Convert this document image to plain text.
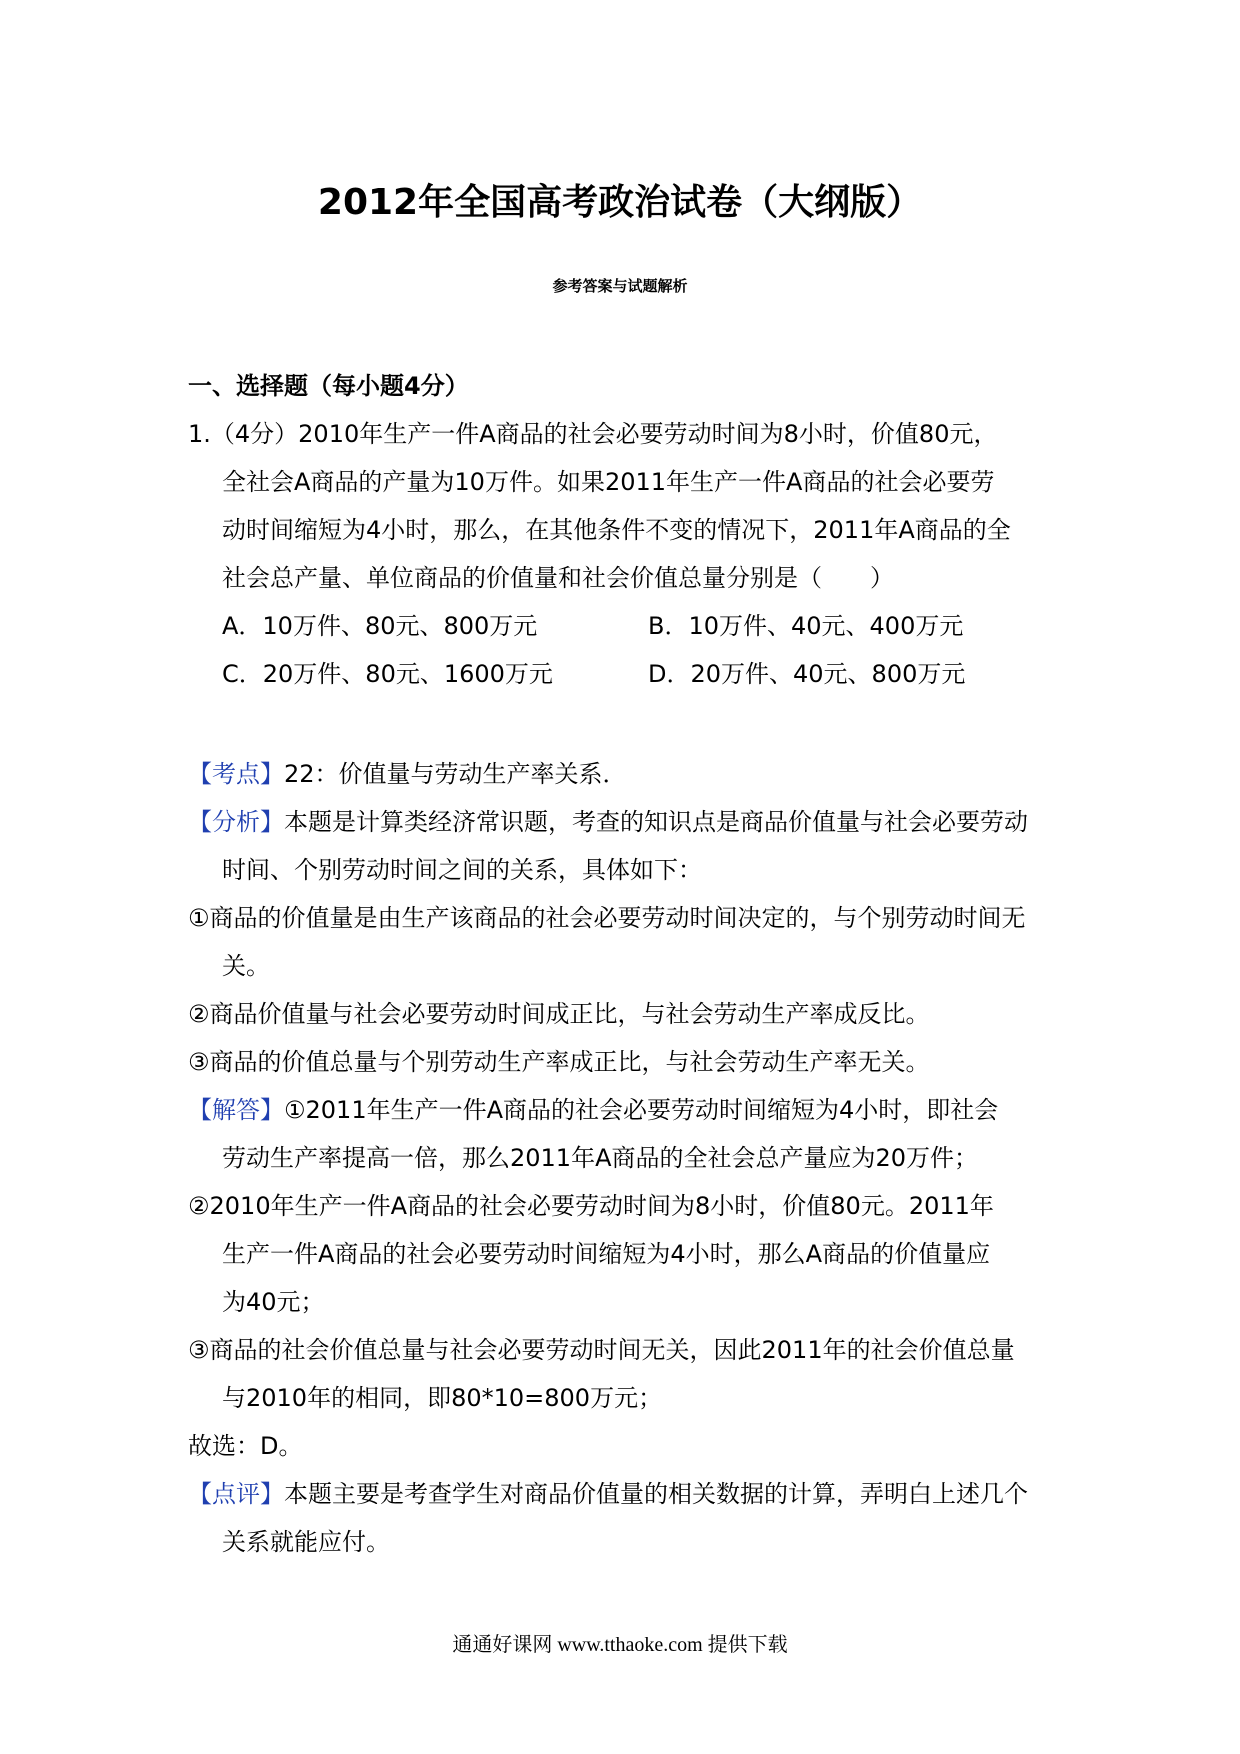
2012年全国高考政治试卷（大纲版）
参考答案与试题解析
一、选择题（每小题4分）
1.（4分）2010年生产一件A商品的社会必要劳动时间为8小时，价值80元，
全社会A商品的产量为10万件。如果2011年生产一件A商品的社会必要劳
动时间缩短为4小时，那么，在其他条件不变的情况下，2011年A商品的全
社会总产量、单位商品的价值量和社会价值总量分别是（　　）
A．10万件、80元、800万元	B．10万件、40元、400万元
C．20万件、80元、1600万元	D．20万件、40元、800万元
【考点】22：价值量与劳动生产率关系．
【分析】本题是计算类经济常识题，考查的知识点是商品价值量与社会必要劳动
时间、个别劳动时间之间的关系，具体如下：
①商品的价值量是由生产该商品的社会必要劳动时间决定的，与个别劳动时间无
关。
②商品价值量与社会必要劳动时间成正比，与社会劳动生产率成反比。
③商品的价值总量与个别劳动生产率成正比，与社会劳动生产率无关。
【解答】①2011年生产一件A商品的社会必要劳动时间缩短为4小时，即社会
劳动生产率提高一倍，那么2011年A商品的全社会总产量应为20万件；
②2010年生产一件A商品的社会必要劳动时间为8小时，价值80元。2011年
生产一件A商品的社会必要劳动时间缩短为4小时，那么A商品的价值量应
为40元；
③商品的社会价值总量与社会必要劳动时间无关，因此2011年的社会价值总量
与2010年的相同，即80*10=800万元；
故选：D。
【点评】本题主要是考查学生对商品价值量的相关数据的计算，弄明白上述几个
关系就能应付。
通通好课网 www.tthaoke.com 提供下载
